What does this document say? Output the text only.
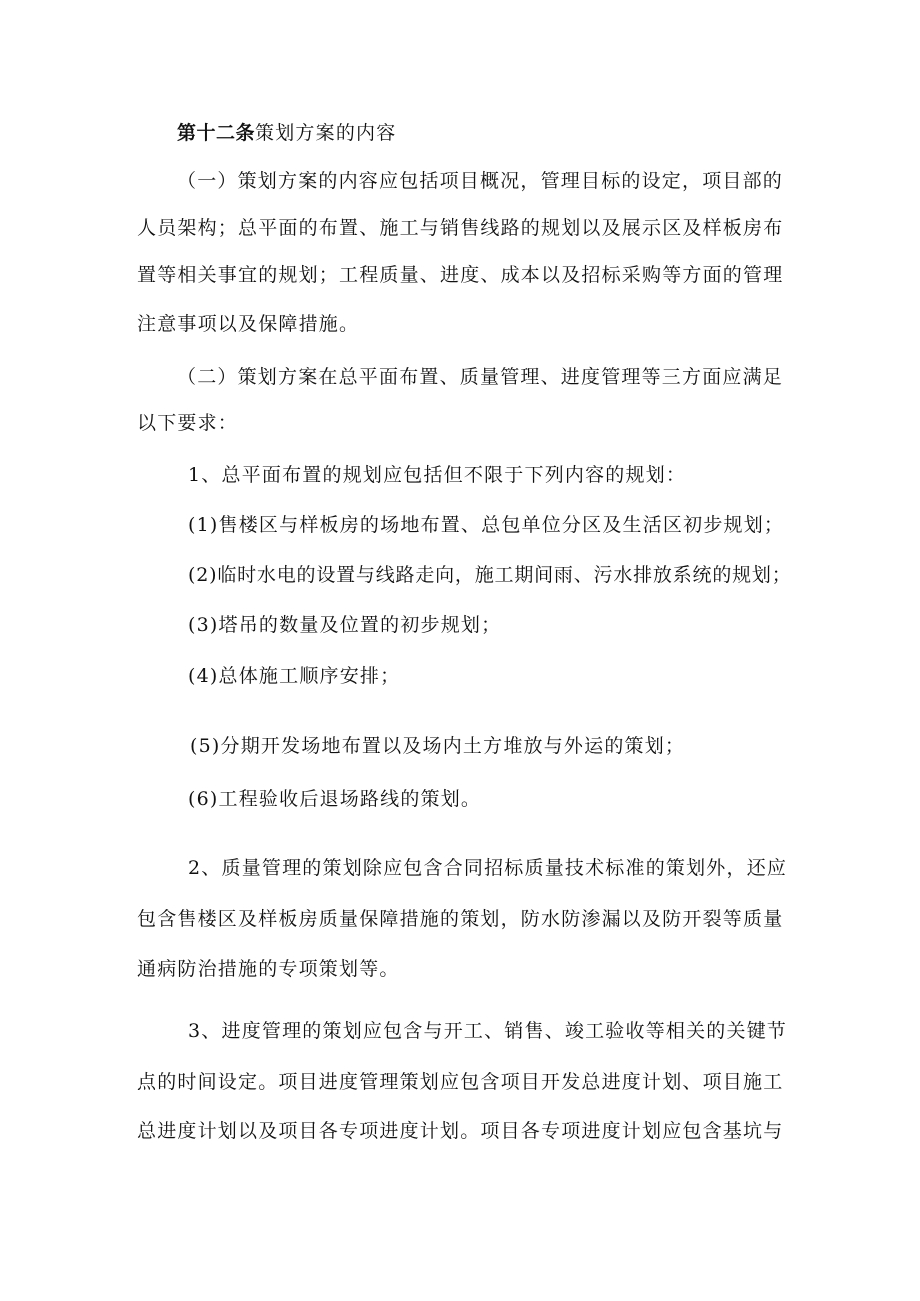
第十二条策划方案的内容
（一）策划方案的内容应包括项目概况，管理目标的设定，项目部的
人员架构；总平面的布置、施工与销售线路的规划以及展示区及样板房布
置等相关事宜的规划；工程质量、进度、成本以及招标采购等方面的管理
注意事项以及保障措施。
（二）策划方案在总平面布置、质量管理、进度管理等三方面应满足
以下要求：
1、总平面布置的规划应包括但不限于下列内容的规划：
(1)售楼区与样板房的场地布置、总包单位分区及生活区初步规划；
(2)临时水电的设置与线路走向，施工期间雨、污水排放系统的规划；
(3)塔吊的数量及位置的初步规划；
(4)总体施工顺序安排；
(5)分期开发场地布置以及场内土方堆放与外运的策划；
(6)工程验收后退场路线的策划。
2、质量管理的策划除应包含合同招标质量技术标准的策划外，还应
包含售楼区及样板房质量保障措施的策划，防水防渗漏以及防开裂等质量
通病防治措施的专项策划等。
3、进度管理的策划应包含与开工、销售、竣工验收等相关的关键节
点的时间设定。项目进度管理策划应包含项目开发总进度计划、项目施工
总进度计划以及项目各专项进度计划。项目各专项进度计划应包含基坑与
